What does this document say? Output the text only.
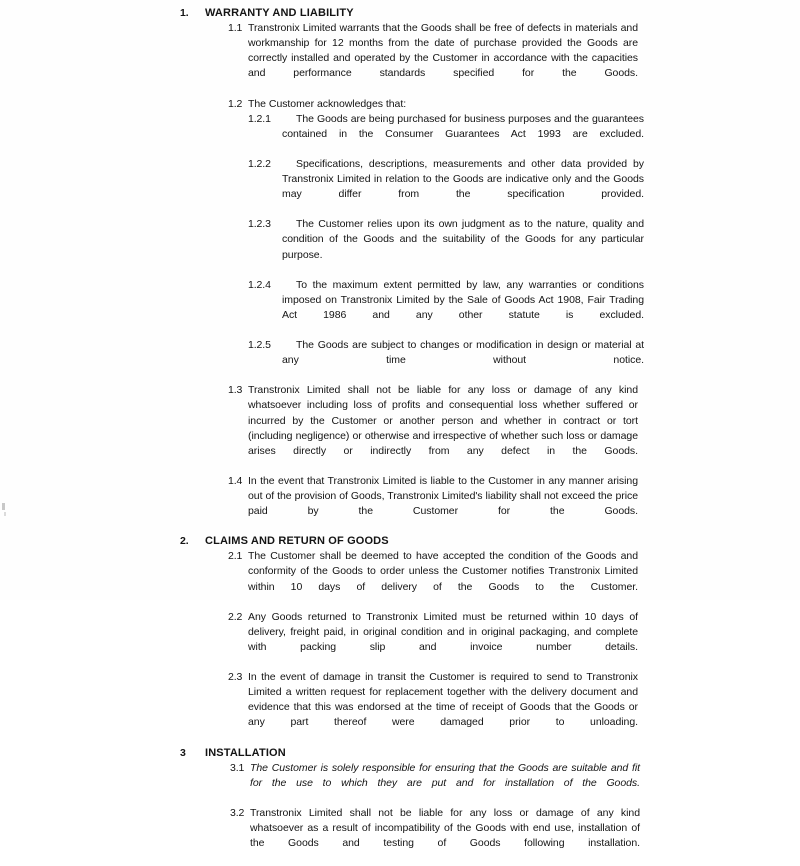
1.	WARRANTY AND LIABILITY
1.1 Transtronix Limited warrants that the Goods shall be free of defects in materials and workmanship for 12 months from the date of purchase provided the Goods are correctly installed and operated by the Customer in accordance with the capacities and performance standards specified for the Goods.
1.2 The Customer acknowledges that:
1.2.1	The Goods are being purchased for business purposes and the guarantees contained in the Consumer Guarantees Act 1993 are excluded.
1.2.2	Specifications, descriptions, measurements and other data provided by Transtronix Limited in relation to the Goods are indicative only and the Goods may differ from the specification provided.
1.2.3	The Customer relies upon its own judgment as to the nature, quality and condition of the Goods and the suitability of the Goods for any particular purpose.
1.2.4	To the maximum extent permitted by law, any warranties or conditions imposed on Transtronix Limited by the Sale of Goods Act 1908, Fair Trading Act 1986 and any other statute is excluded.
1.2.5	The Goods are subject to changes or modification in design or material at any time without notice.
1.3 Transtronix Limited shall not be liable for any loss or damage of any kind whatsoever including loss of profits and consequential loss whether suffered or incurred by the Customer or another person and whether in contract or tort (including negligence) or otherwise and irrespective of whether such loss or damage arises directly or indirectly from any defect in the Goods.
1.4 In the event that Transtronix Limited is liable to the Customer in any manner arising out of the provision of Goods, Transtronix Limited's liability shall not exceed the price paid by the Customer for the Goods.
2.	CLAIMS AND RETURN OF GOODS
2.1 The Customer shall be deemed to have accepted the condition of the Goods and conformity of the Goods to order unless the Customer notifies Transtronix Limited within 10 days of delivery of the Goods to the Customer.
2.2 Any Goods returned to Transtronix Limited must be returned within 10 days of delivery, freight paid, in original condition and in original packaging, and complete with packing slip and invoice number details.
2.3 In the event of damage in transit the Customer is required to send to Transtronix Limited a written request for replacement together with the delivery document and evidence that this was endorsed at the time of receipt of Goods that the Goods or any part thereof were damaged prior to unloading.
3	INSTALLATION
3.1 The Customer is solely responsible for ensuring that the Goods are suitable and fit for the use to which they are put and for installation of the Goods.
3.2 Transtronix Limited shall not be liable for any loss or damage of any kind whatsoever as a result of incompatibility of the Goods with end use, installation of the Goods and testing of Goods following installation.
